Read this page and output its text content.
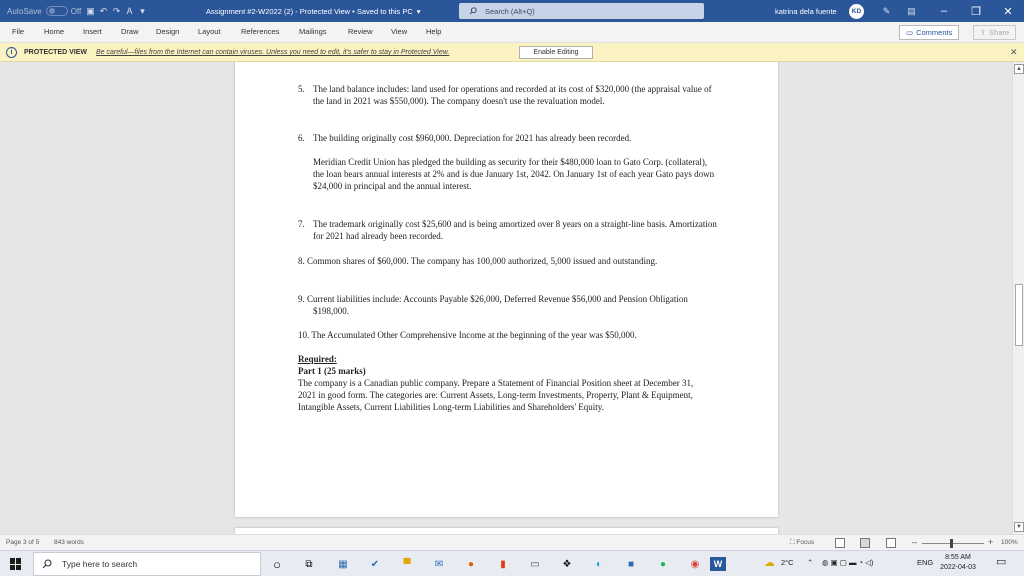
AutoSave	Off ▣ ↶ ↷ A ▾	Assignment #2-W2022 (2) - Protected View • Saved to this PC ▾	Search (Alt+Q)	katrina dela fuente	KD	✎	▤	–	❐	✕
File	Home	Insert	Draw Design Layout	References	Mailings	Review View	Help	▭ Comments	⇪ Share
i	PROTECTED VIEW Be careful—files from the Internet can contain viruses. Unless you need to edit, it's safer to stay in Protected View.	Enable Editing	✕
5. The land balance includes: land used for operations and recorded at its cost of $320,000 (the appraisal value of the land in 2021 was $550,000). The company doesn't use the revaluation model.
6. The building originally cost $960,000. Depreciation for 2021 has already been recorded.
Meridian Credit Union has pledged the building as security for their $480,000 loan to Gato Corp. (collateral), the loan bears annual interests at 2% and is due January 1st, 2042. On January 1st of each year Gato pays down $24,000 in principal and the annual interest.
7. The trademark originally cost $25,600 and is being amortized over 8 years on a straight-line basis. Amortization for 2021 had already been recorded.
8. Common shares of $60,000. The company has 100,000 authorized, 5,000 issued and outstanding.
9. Current liabilities include: Accounts Payable $26,000, Deferred Revenue $56,000 and Pension Obligation $198,000.
10. The Accumulated Other Comprehensive Income at the beginning of the year was $50,000.
Required:
Part 1 (25 marks)
The company is a Canadian public company. Prepare a Statement of Financial Position sheet at December 31, 2021 in good form. The categories are: Current Assets, Long-term Investments, Property, Plant & Equipment, Intangible Assets, Current Liabilities Long-term Liabilities and Shareholders' Equity.
▲
▼
Page 3 of 5 843 words	⛶ Focus	–	+ 100%
Type here to search	○	⧉	▦	✔	▀	✉	●	▮	▭	❖	◐	■	●	◉	W	☁ 2°C ⌃ ◍ ▣ ▢ ▬ ◔ ◁)	ENG
8:55 AM
2022-04-03 ▭
